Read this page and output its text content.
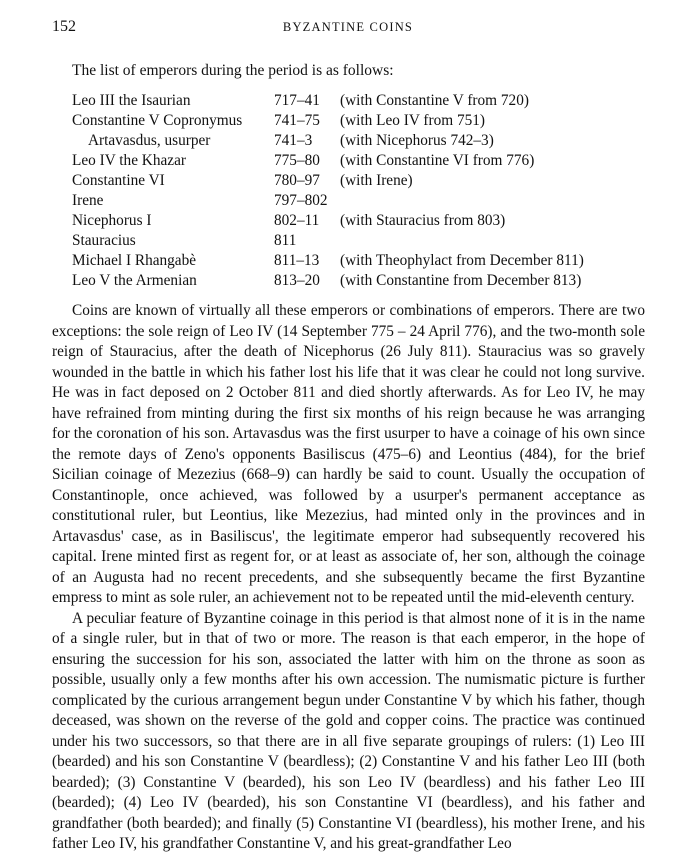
152	BYZANTINE COINS
The list of emperors during the period is as follows:
Leo III the Isaurian	717–41	(with Constantine V from 720)
Constantine V Copronymus	741–75	(with Leo IV from 751)
Artavasdus, usurper	741–3	(with Nicephorus 742–3)
Leo IV the Khazar	775–80	(with Constantine VI from 776)
Constantine VI	780–97	(with Irene)
Irene	797–802
Nicephorus I	802–11	(with Stauracius from 803)
Stauracius	811
Michael I Rhangabè	811–13	(with Theophylact from December 811)
Leo V the Armenian	813–20	(with Constantine from December 813)

Coins are known of virtually all these emperors or combinations of emperors. There are two exceptions: the sole reign of Leo IV (14 September 775 – 24 April 776), and the two-month sole reign of Stauracius, after the death of Nicephorus (26 July 811). Stauracius was so gravely wounded in the battle in which his father lost his life that it was clear he could not long survive. He was in fact deposed on 2 October 811 and died shortly afterwards. As for Leo IV, he may have refrained from minting during the first six months of his reign because he was arranging for the coronation of his son. Artavasdus was the first usurper to have a coinage of his own since the remote days of Zeno's opponents Basiliscus (475–6) and Leontius (484), for the brief Sicilian coinage of Mezezius (668–9) can hardly be said to count. Usually the occupation of Constantinople, once achieved, was followed by a usurper's permanent acceptance as constitutional ruler, but Leontius, like Mezezius, had minted only in the provinces and in Artavasdus' case, as in Basiliscus', the legitimate emperor had subsequently recovered his capital. Irene minted first as regent for, or at least as associate of, her son, although the coinage of an Augusta had no recent precedents, and she subsequently became the first Byzantine empress to mint as sole ruler, an achievement not to be repeated until the mid-eleventh century.

A peculiar feature of Byzantine coinage in this period is that almost none of it is in the name of a single ruler, but in that of two or more. The reason is that each emperor, in the hope of ensuring the succession for his son, associated the latter with him on the throne as soon as possible, usually only a few months after his own accession. The numismatic picture is further complicated by the curious arrangement begun under Constantine V by which his father, though deceased, was shown on the reverse of the gold and copper coins. The practice was continued under his two successors, so that there are in all five separate groupings of rulers: (1) Leo III (bearded) and his son Constantine V (beardless); (2) Constantine V and his father Leo III (both bearded); (3) Constantine V (bearded), his son Leo IV (beardless) and his father Leo III (bearded); (4) Leo IV (bearded), his son Constantine VI (beardless), and his father and grandfather (both bearded); and finally (5) Constantine VI (beardless), his mother Irene, and his father Leo IV, his grandfather Constantine V, and his great-grandfather Leo
